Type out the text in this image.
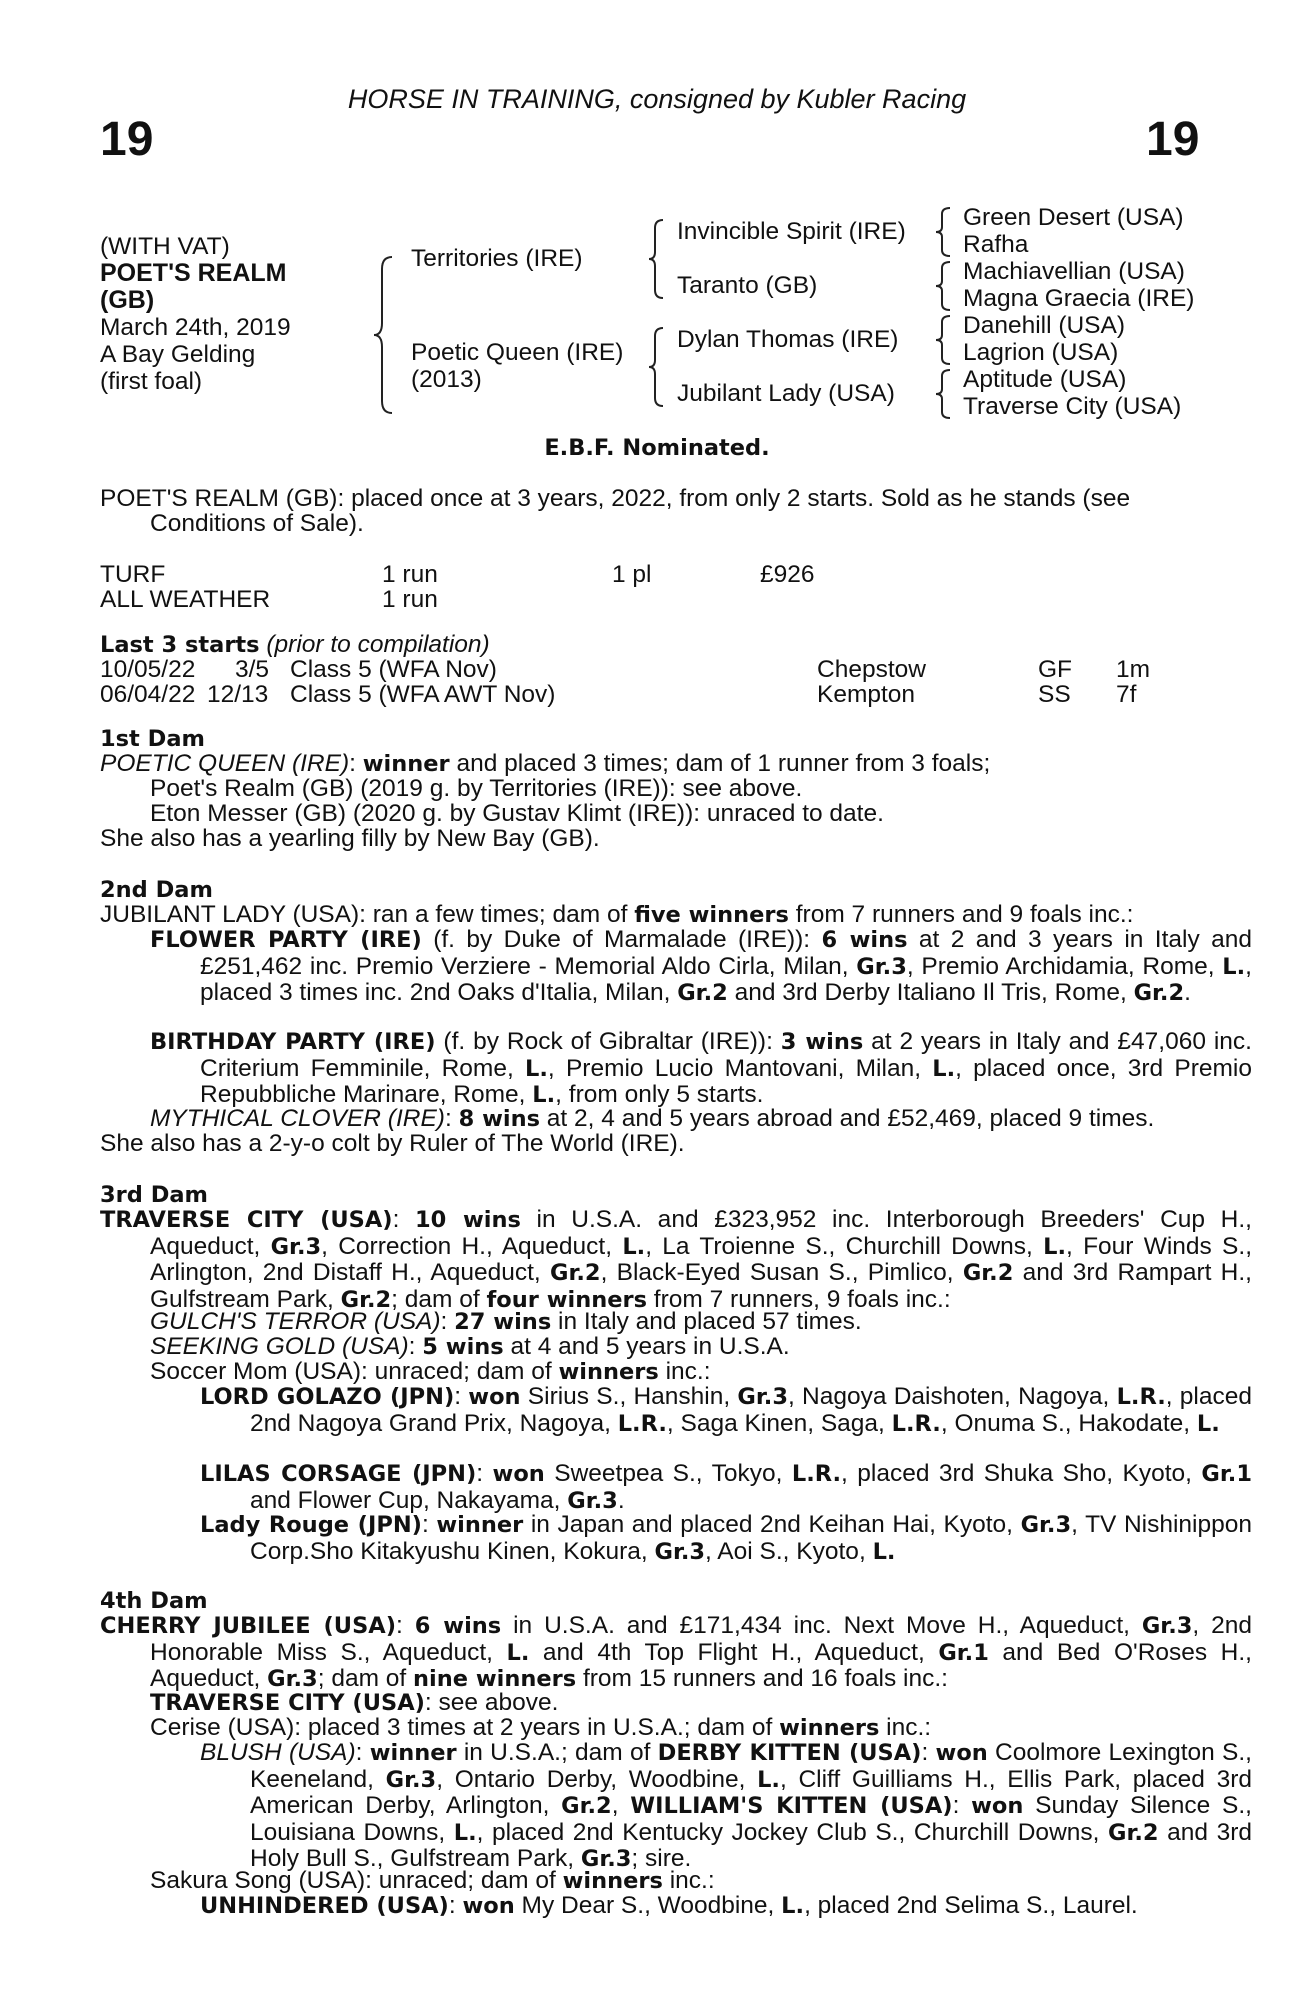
HORSE IN TRAINING, consigned by Kubler Racing
19	19
(WITH VAT)
POET'S REALM
(GB)
March 24th, 2019
A Bay Gelding
(first foal)
Territories (IRE)
Poetic Queen (IRE)
(2013)
Invincible Spirit (IRE)
Taranto (GB)
Dylan Thomas (IRE)
Jubilant Lady (USA)
Green Desert (USA)
Rafha
Machiavellian (USA)
Magna Graecia (IRE)
Danehill (USA)
Lagrion (USA)
Aptitude (USA)
Traverse City (USA)
E.B.F. Nominated.
POET'S REALM (GB): placed once at 3 years, 2022, from only 2 starts. Sold as he stands (see
Conditions of Sale).
TURF	1 run	1 pl	£926
ALL WEATHER	1 run
Last 3 starts (prior to compilation)
10/05/22 3/5 Class 5 (WFA Nov)	Chepstow	GF 1m
06/04/22 12/13 Class 5 (WFA AWT Nov)	Kempton	SS 7f
1st Dam
POETIC QUEEN (IRE): winner and placed 3 times; dam of 1 runner from 3 foals;
Poet's Realm (GB) (2019 g. by Territories (IRE)): see above.
Eton Messer (GB) (2020 g. by Gustav Klimt (IRE)): unraced to date.
She also has a yearling filly by New Bay (GB).
2nd Dam
JUBILANT LADY (USA): ran a few times; dam of five winners from 7 runners and 9 foals inc.:
FLOWER PARTY (IRE) (f. by Duke of Marmalade (IRE)): 6 wins at 2 and 3 years in Italy and £251,462 inc. Premio Verziere - Memorial Aldo Cirla, Milan, Gr.3, Premio Archidamia, Rome, L., placed 3 times inc. 2nd Oaks d'Italia, Milan, Gr.2 and 3rd Derby Italiano Il Tris, Rome, Gr.2.
BIRTHDAY PARTY (IRE) (f. by Rock of Gibraltar (IRE)): 3 wins at 2 years in Italy and £47,060 inc. Criterium Femminile, Rome, L., Premio Lucio Mantovani, Milan, L., placed once, 3rd Premio Repubbliche Marinare, Rome, L., from only 5 starts.
MYTHICAL CLOVER (IRE): 8 wins at 2, 4 and 5 years abroad and £52,469, placed 9 times.
She also has a 2-y-o colt by Ruler of The World (IRE).
3rd Dam
TRAVERSE CITY (USA): 10 wins in U.S.A. and £323,952 inc. Interborough Breeders' Cup H., Aqueduct, Gr.3, Correction H., Aqueduct, L., La Troienne S., Churchill Downs, L., Four Winds S., Arlington, 2nd Distaff H., Aqueduct, Gr.2, Black-Eyed Susan S., Pimlico, Gr.2 and 3rd Rampart H., Gulfstream Park, Gr.2; dam of four winners from 7 runners, 9 foals inc.:
GULCH'S TERROR (USA): 27 wins in Italy and placed 57 times.
SEEKING GOLD (USA): 5 wins at 4 and 5 years in U.S.A.
Soccer Mom (USA): unraced; dam of winners inc.:
LORD GOLAZO (JPN): won Sirius S., Hanshin, Gr.3, Nagoya Daishoten, Nagoya, L.R., placed 2nd Nagoya Grand Prix, Nagoya, L.R., Saga Kinen, Saga, L.R., Onuma S., Hakodate, L.
LILAS CORSAGE (JPN): won Sweetpea S., Tokyo, L.R., placed 3rd Shuka Sho, Kyoto, Gr.1 and Flower Cup, Nakayama, Gr.3.
Lady Rouge (JPN): winner in Japan and placed 2nd Keihan Hai, Kyoto, Gr.3, TV Nishinippon Corp.Sho Kitakyushu Kinen, Kokura, Gr.3, Aoi S., Kyoto, L.
4th Dam
CHERRY JUBILEE (USA): 6 wins in U.S.A. and £171,434 inc. Next Move H., Aqueduct, Gr.3, 2nd Honorable Miss S., Aqueduct, L. and 4th Top Flight H., Aqueduct, Gr.1 and Bed O'Roses H., Aqueduct, Gr.3; dam of nine winners from 15 runners and 16 foals inc.:
TRAVERSE CITY (USA): see above.
Cerise (USA): placed 3 times at 2 years in U.S.A.; dam of winners inc.:
BLUSH (USA): winner in U.S.A.; dam of DERBY KITTEN (USA): won Coolmore Lexington S., Keeneland, Gr.3, Ontario Derby, Woodbine, L., Cliff Guilliams H., Ellis Park, placed 3rd American Derby, Arlington, Gr.2, WILLIAM'S KITTEN (USA): won Sunday Silence S., Louisiana Downs, L., placed 2nd Kentucky Jockey Club S., Churchill Downs, Gr.2 and 3rd Holy Bull S., Gulfstream Park, Gr.3; sire.
Sakura Song (USA): unraced; dam of winners inc.:
UNHINDERED (USA): won My Dear S., Woodbine, L., placed 2nd Selima S., Laurel.
